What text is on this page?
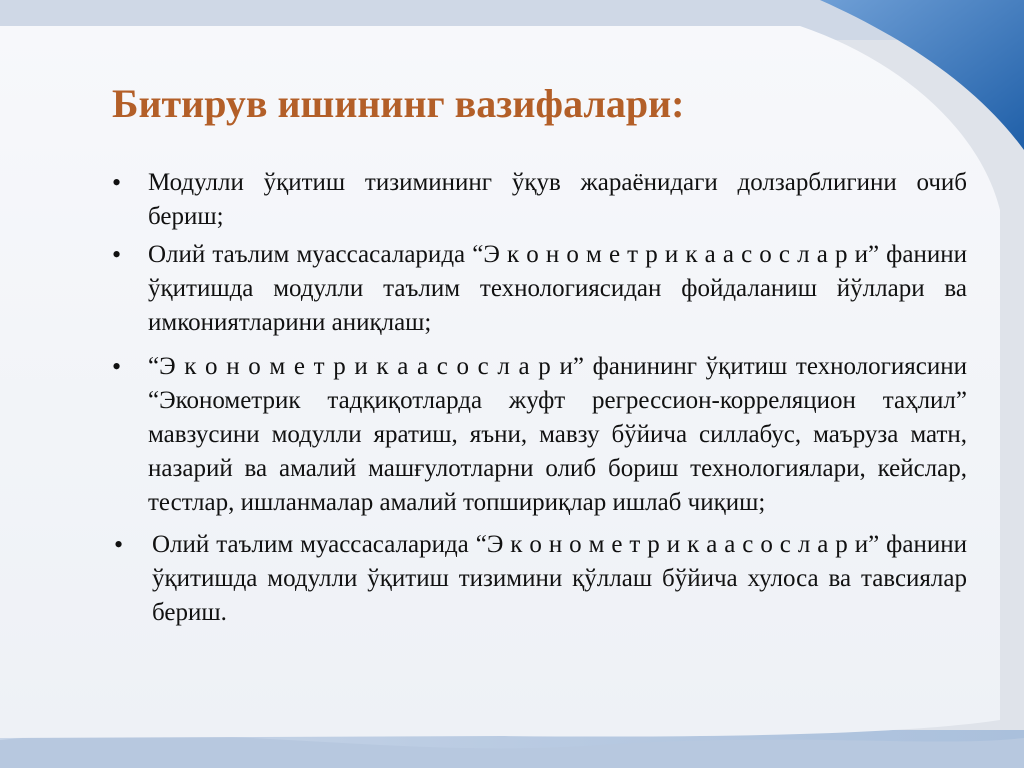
Битирув ишининг вазифалари:
• Модулли ўқитиш тизимининг ўқув жараёнидаги долзарблигини очиб бериш;
• Олий таълим муассасаларида “Э к о н о м е т р и к а а с о с л а р и” фанини ўқитишда модулли таълим технологиясидан фойдаланиш йўллари ва имкониятларини аниқлаш;
• “Э к о н о м е т р и к а а с о с л а р и” фанининг ўқитиш технологиясини “Эконометрик тадқиқотларда жуфт регрессион-корреляцион таҳлил” мавзусини модулли яратиш, яъни, мавзу бўйича силлабус, маъруза матн, назарий ва амалий машғулотларни олиб бориш технологиялари, кейслар, тестлар, ишланмалар амалий топшириқлар ишлаб чиқиш;
• Олий таълим муассасаларида “Э к о н о м е т р и к а а с о с л а р и” фанини ўқитишда модулли ўқитиш тизимини қўллаш бўйича хулоса ва тавсиялар бериш.
